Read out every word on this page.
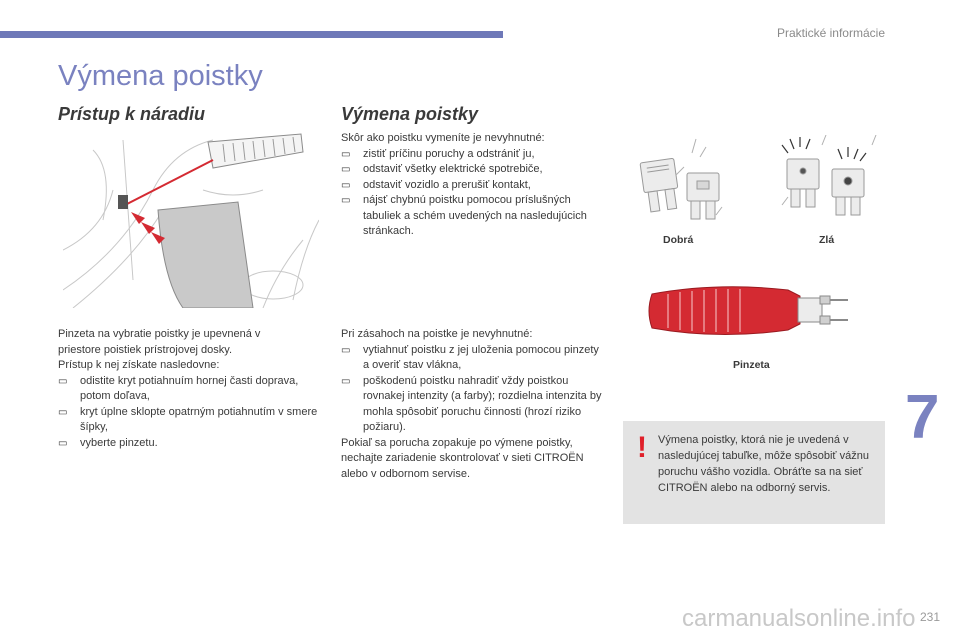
Praktické informácie
Výmena poistky
Prístup k náradiu

Pinzeta na vybratie poistky je upevnená v

priestore poistiek prístrojovej dosky.

Prístup k nej získate nasledovne:

▭ odistite kryt potiahnuím hornej časti doprava, potom doľava,
▭ kryt úplne sklopte opatrným potiahnutím v smere šípky,
▭ vyberte pinzetu.
Výmena poistky

Skôr ako poistku vymeníte je nevyhnutné:

▭ zistiť príčinu poruchy a odstrániť ju,
▭ odstaviť všetky elektrické spotrebiče,
▭ odstaviť vozidlo a prerušiť kontakt,
▭ nájsť chybnú poistku pomocou príslušných tabuliek a schém uvedených na nasledujúcich stránkach.

Pri zásahoch na poistke je nevyhnutné:

▭ vytiahnuť poistku z jej uloženia pomocou pinzety a overiť stav vlákna,
▭ poškodenú poistku nahradiť vždy poistkou rovnakej intenzity (a farby); rozdielna intenzita by mohla spôsobiť poruchu činnosti (hrozí riziko požiaru).

Pokiaľ sa porucha zopakuje po výmene poistky, nechajte zariadenie skontrolovať v sieti CITROËN alebo v odbornom servise.

Dobrá	Zlá
Pinzeta
7
! Výmena poistky, ktorá nie je uvedená v nasledujúcej tabuľke, môže spôsobiť vážnu poruchu vášho vozidla. Obráťte sa na sieť CITROËN alebo na odborný servis.
231
carmanualsonline.info
